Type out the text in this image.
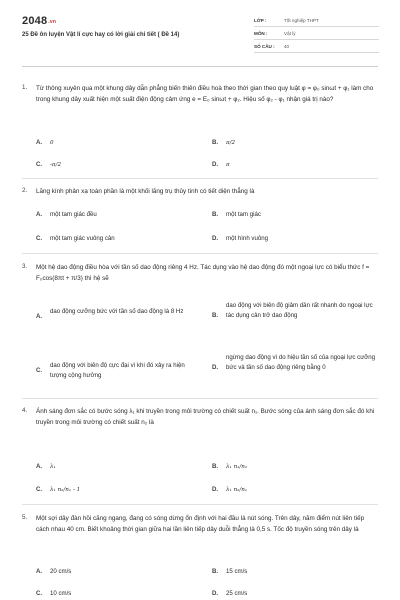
2048.vn
25 Đề ôn luyện Vật lí cực hay có lời giải chi tiết ( Đề 14)
LỚP :	Tốt nghiệp THPT
MÔN :	Vật lý
SỐ CÂU : 40
1. Từ thông xuyên qua một khung dây dẫn phẳng biến thiên điều hoà theo thời gian theo quy luật φ = φ₀ sinωt + φ₁ làm cho trong khung dây xuất hiện một suất điện động cảm ứng e = E₀ sinωt + φ₂. Hiệu số φ₂ - φ₁ nhận giá trị nào?
A. 0	B. π/2
C. -π/2	D. π
2. Lăng kính phản xạ toàn phần là một khối lăng trụ thủy tinh có tiết diện thẳng là
A. một tam giác đều	B. một tam giác
C. một tam giác vuông cân	D. một hình vuông
3. Một hệ dao động điều hòa với tần số dao động riêng 4 Hz. Tác dụng vào hệ dao động đó một ngoại lực có biểu thức f = F₀cos(8πt + π/3) thì hệ sẽ
A.
dao động cưỡng bức với tần số dao động là 8 Hz
B.
dao động với biên độ giảm dần rất nhanh do ngoại lực tác dụng cản trở dao động
C.
dao động với biên độ cực đại vì khi đó xảy ra hiện tượng cộng hưởng
D.
ngừng dao động vì do hiệu tần số của ngoại lực cưỡng bức và tần số dao động riêng bằng 0
4. Ánh sáng đơn sắc có bước sóng λ₁ khi truyền trong môi trường có chiết suất n₁. Bước sóng của ánh sáng đơn sắc đó khi truyền trong môi trường có chiết suất n₂ là
A. λ₁	B. λ₁ n₁/n₂
C. λ₁ n₂/n₁ - 1	D. λ₁ n₂/n₁
5. Một sợi dây đàn hồi căng ngang, đang có sóng dừng ổn định với hai đầu là nút sóng. Trên dây, năm điểm nút liên tiếp cách nhau 40 cm. Biết khoảng thời gian giữa hai lần liên tiếp dây duỗi thẳng là 0,5 s. Tốc độ truyền sóng trên dây là
A. 20 cm/s	B. 15 cm/s
C. 10 cm/s	D. 25 cm/s
